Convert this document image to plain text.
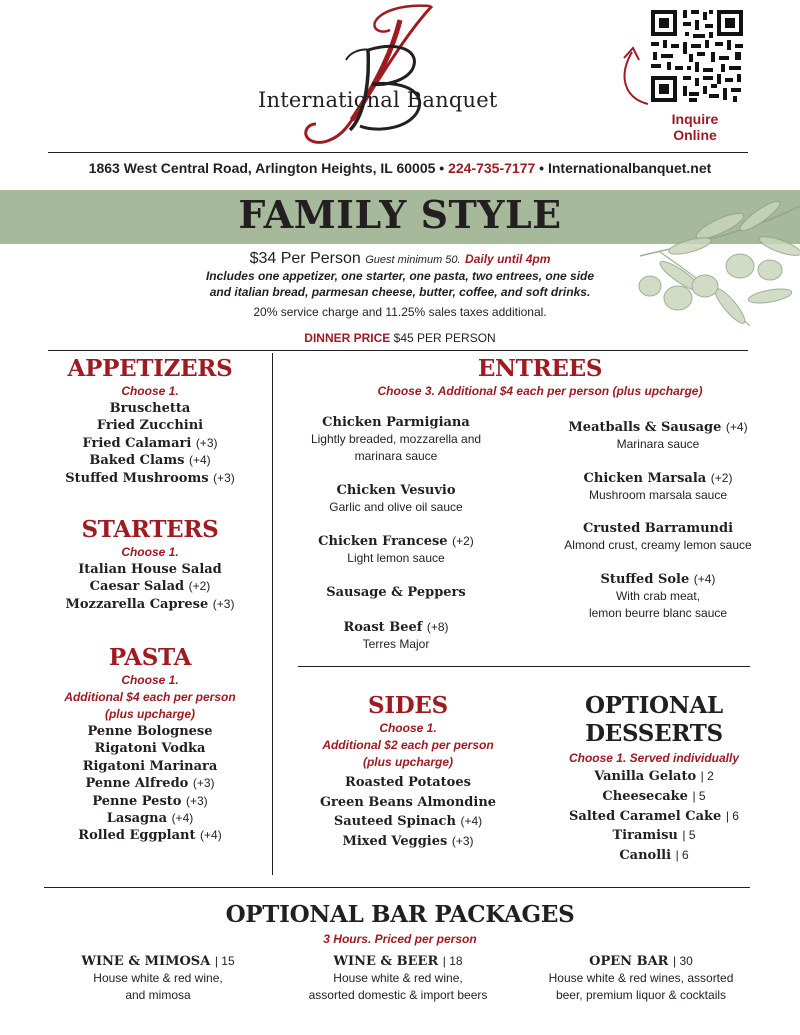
International Banquet
Inquire
Online
1863 West Central Road, Arlington Heights, IL 60005 • 224-735-7177 • Internationalbanquet.net
FAMILY STYLE
$34 Per Person Guest minimum 50. Daily until 4pm
Includes one appetizer, one starter, one pasta, two entrees, one side
and italian bread, parmesan cheese, butter, coffee, and soft drinks.
20% service charge and 11.25% sales taxes additional.
DINNER PRICE $45 PER PERSON
APPETIZERS
Choose 1.
Bruschetta
Fried Zucchini
Fried Calamari (+3)
Baked Clams (+4)
Stuffed Mushrooms (+3)
STARTERS
Choose 1.
Italian House Salad
Caesar Salad (+2)
Mozzarella Caprese (+3)
PASTA
Choose 1.
Additional $4 each per person
(plus upcharge)
Penne Bolognese
Rigatoni Vodka
Rigatoni Marinara
Penne Alfredo (+3)
Penne Pesto (+3)
Lasagna (+4)
Rolled Eggplant (+4)
ENTREES
Choose 3. Additional $4 each per person (plus upcharge)
Chicken Parmigiana
Lightly breaded, mozzarella and
marinara sauce
Chicken Vesuvio
Garlic and olive oil sauce
Chicken Francese (+2)
Light lemon sauce
Sausage & Peppers
Roast Beef (+8)
Terres Major
Meatballs & Sausage (+4)
Marinara sauce
Chicken Marsala (+2)
Mushroom marsala sauce
Crusted Barramundi
Almond crust, creamy lemon sauce
Stuffed Sole (+4)
With crab meat,
lemon beurre blanc sauce
SIDES
Choose 1.
Additional $2 each per person
(plus upcharge)
Roasted Potatoes
Green Beans Almondine
Sauteed Spinach (+4)
Mixed Veggies (+3)
OPTIONAL
DESSERTS
Choose 1. Served individually
Vanilla Gelato | 2
Cheesecake | 5
Salted Caramel Cake | 6
Tiramisu | 5
Canolli | 6
OPTIONAL BAR PACKAGES
3 Hours. Priced per person
WINE & MIMOSA | 15
House white & red wine,
and mimosa
WINE & BEER | 18
House white & red wine,
assorted domestic & import beers
OPEN BAR | 30
House white & red wines, assorted
beer, premium liquor & cocktails
